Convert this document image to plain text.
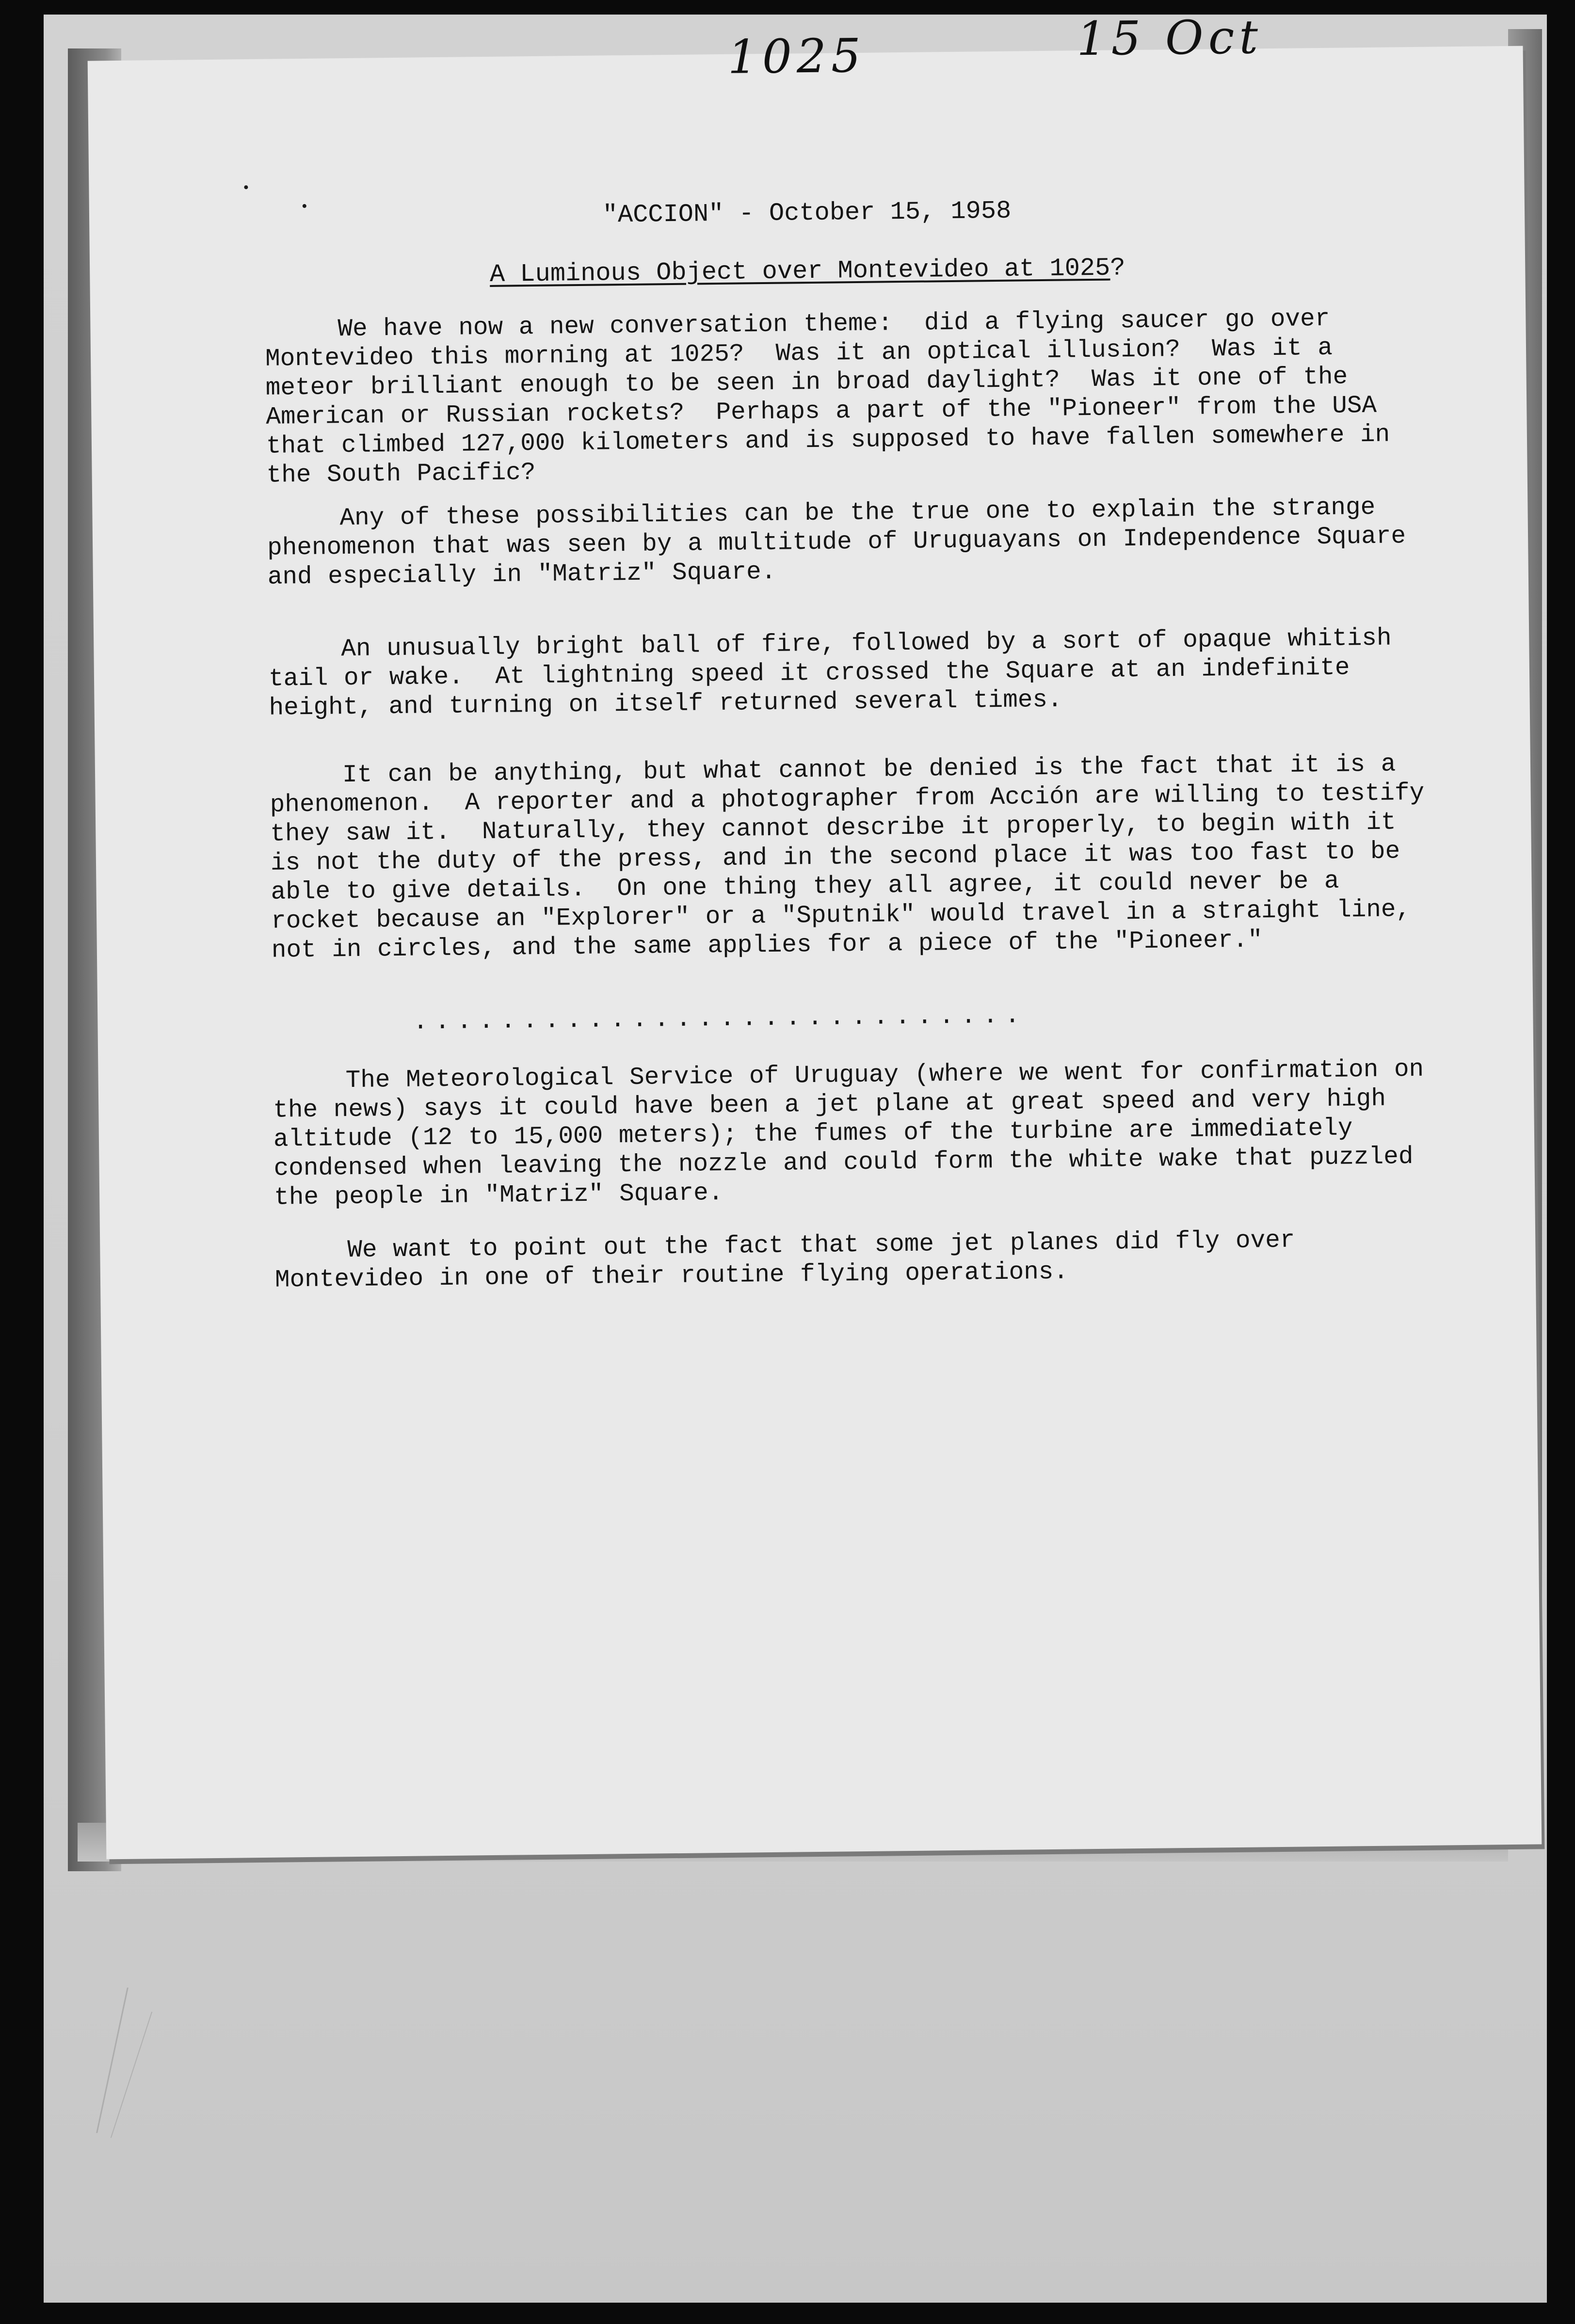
1025	15 Oct
"ACCION" - October 15, 1958
A Luminous Object over Montevideo at 1025?
We have now a new conversation theme:  did a flying saucer go over Montevideo this morning at 1025?  Was it an optical illusion?  Was it a meteor brilliant enough to be seen in broad daylight?  Was it one of the American or Russian rockets?  Perhaps a part of the "Pioneer" from the USA that climbed 127,000 kilometers and is supposed to have fallen somewhere in the South Pacific?
Any of these possibilities can be the true one to explain the strange phenomenon that was seen by a multitude of Uruguayans on Independence Square and especially in "Matriz" Square.
An unusually bright ball of fire, followed by a sort of opaque whitish tail or wake.  At lightning speed it crossed the Square at an indefinite height, and turning on itself returned several times.
It can be anything, but what cannot be denied is the fact that it is a phenomenon.  A reporter and a photographer from Acción are willing to testify they saw it.  Naturally, they cannot describe it properly, to begin with it is not the duty of the press, and in the second place it was too fast to be able to give details.  On one thing they all agree, it could never be a rocket because an "Explorer" or a "Sputnik" would travel in a straight line, not in circles, and the same applies for a piece of the "Pioneer."
............................
The Meteorological Service of Uruguay (where we went for confirmation on the news) says it could have been a jet plane at great speed and very high altitude (12 to 15,000 meters); the fumes of the turbine are immediately condensed when leaving the nozzle and could form the white wake that puzzled the people in "Matriz" Square.
We want to point out the fact that some jet planes did fly over Montevideo in one of their routine flying operations.
